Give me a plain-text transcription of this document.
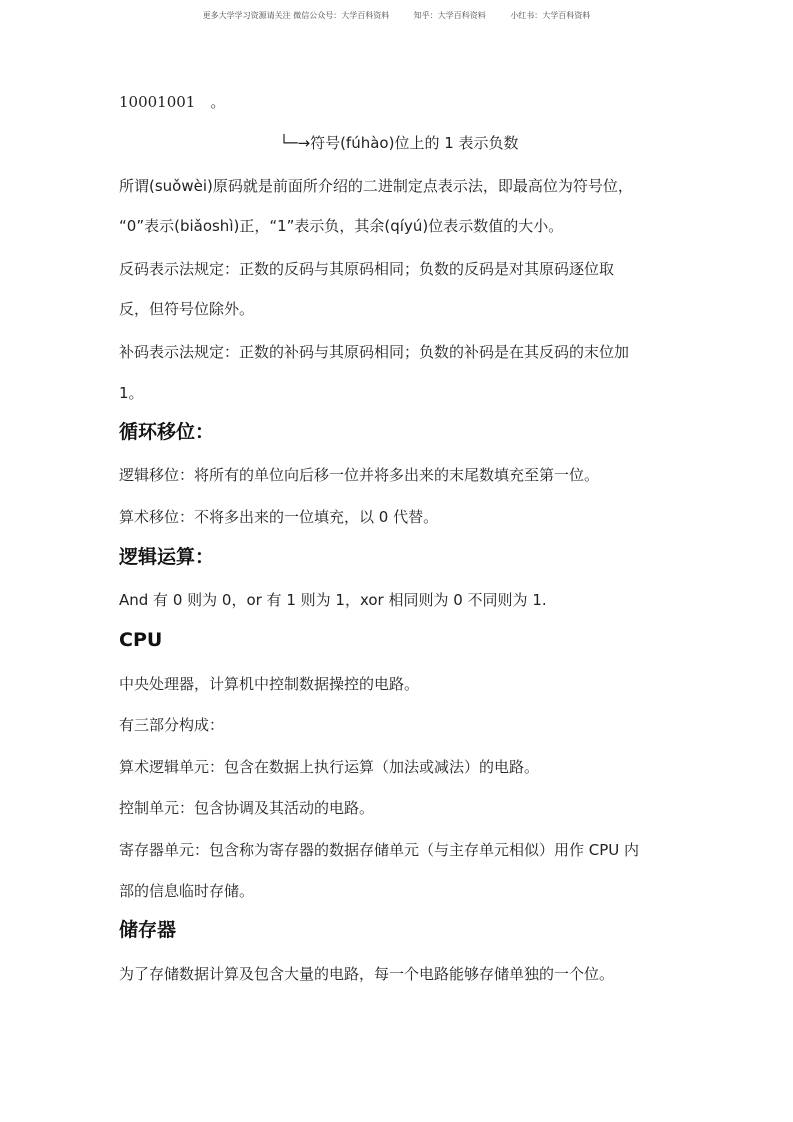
更多大学学习资源请关注 微信公众号：大学百科资料	知乎：大学百科资料	小红书：大学百科资料
10001001　。
└─→符号(fúhào)位上的 1 表示负数
所谓(suǒwèi)原码就是前面所介绍的二进制定点表示法，即最高位为符号位，
“0”表示(biǎoshì)正，“1”表示负，其余(qíyú)位表示数值的大小。
反码表示法规定：正数的反码与其原码相同；负数的反码是对其原码逐位取
反，但符号位除外。
补码表示法规定：正数的补码与其原码相同；负数的补码是在其反码的末位加
1。
循环移位：
逻辑移位：将所有的单位向后移一位并将多出来的末尾数填充至第一位。
算术移位：不将多出来的一位填充，以 0 代替。
逻辑运算：
And 有 0 则为 0，or 有 1 则为 1，xor 相同则为 0 不同则为 1.
CPU
中央处理器，计算机中控制数据操控的电路。
有三部分构成：
算术逻辑单元：包含在数据上执行运算（加法或减法）的电路。
控制单元：包含协调及其活动的电路。
寄存器单元：包含称为寄存器的数据存储单元（与主存单元相似）用作 CPU 内
部的信息临时存储。
储存器
为了存储数据计算及包含大量的电路，每一个电路能够存储单独的一个位。
